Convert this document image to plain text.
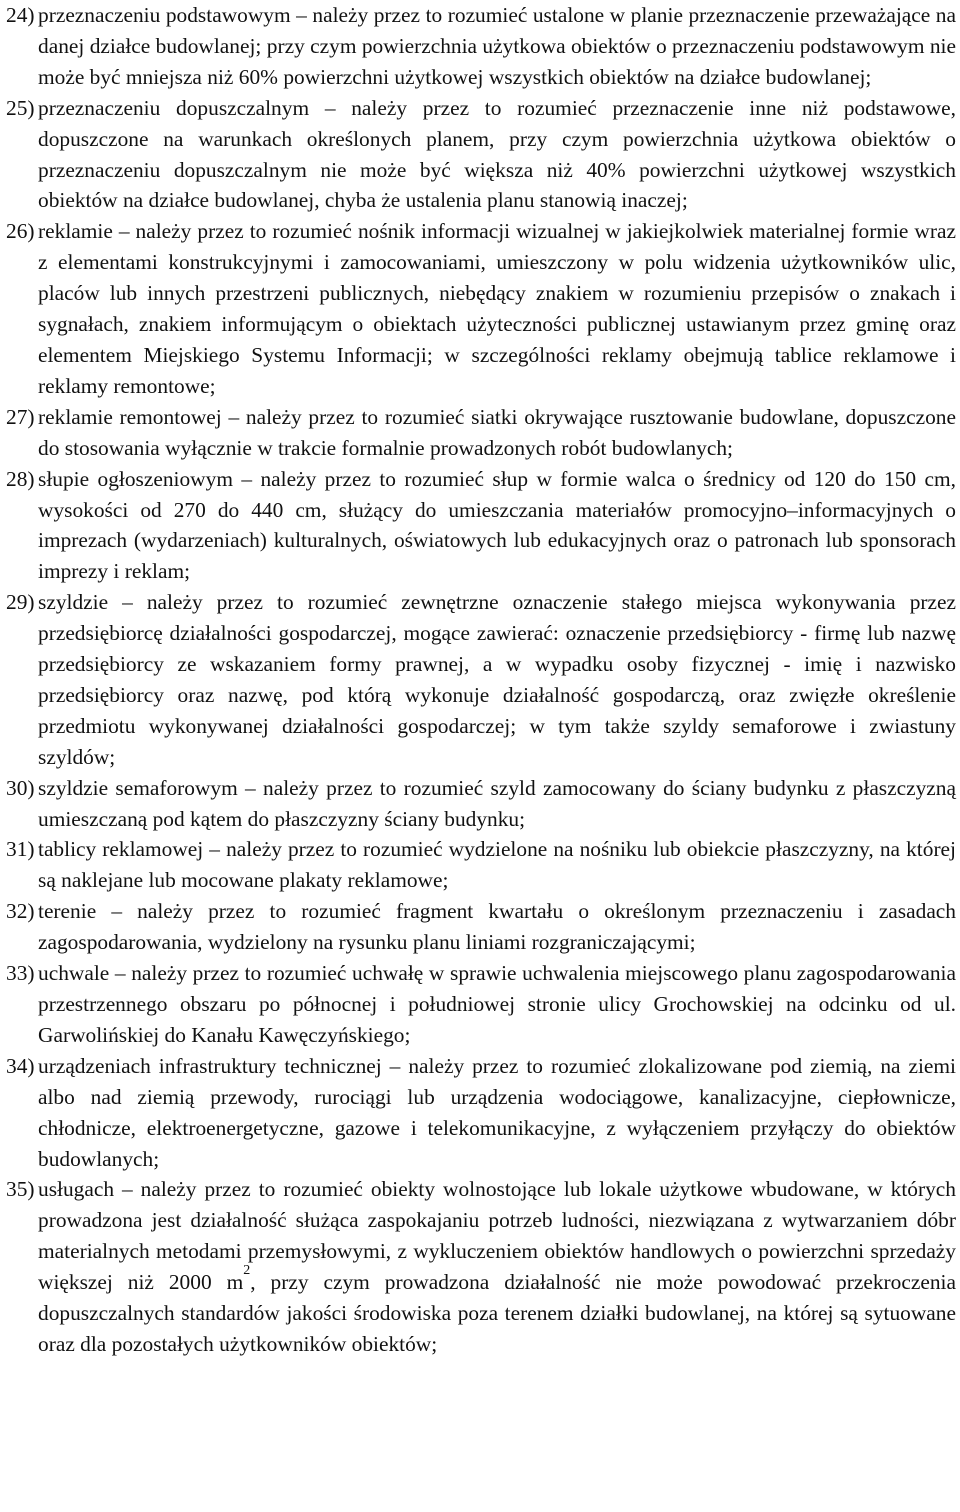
24) przeznaczeniu podstawowym – należy przez to rozumieć ustalone w planie przeznaczenie przeważające na danej działce budowlanej; przy czym powierzchnia użytkowa obiektów o przeznaczeniu podstawowym nie może być mniejsza niż 60% powierzchni użytkowej wszystkich obiektów na działce budowlanej;
25) przeznaczeniu dopuszczalnym – należy przez to rozumieć przeznaczenie inne niż podstawowe, dopuszczone na warunkach określonych planem, przy czym powierzchnia użytkowa obiektów o przeznaczeniu dopuszczalnym nie może być większa niż 40% powierzchni użytkowej wszystkich obiektów na działce budowlanej, chyba że ustalenia planu stanowią inaczej;
26) reklamie – należy przez to rozumieć nośnik informacji wizualnej w jakiejkolwiek materialnej formie wraz z elementami konstrukcyjnymi i zamocowaniami, umieszczony w polu widzenia użytkowników ulic, placów lub innych przestrzeni publicznych, niebędący znakiem w rozumieniu przepisów o znakach i sygnałach, znakiem informującym o obiektach użyteczności publicznej ustawianym przez gminę oraz elementem Miejskiego Systemu Informacji; w szczególności reklamy obejmują tablice reklamowe i reklamy remontowe;
27) reklamie remontowej – należy przez to rozumieć siatki okrywające rusztowanie budowlane, dopuszczone do stosowania wyłącznie w trakcie formalnie prowadzonych robót budowlanych;
28) słupie ogłoszeniowym – należy przez to rozumieć słup w formie walca o średnicy od 120 do 150 cm, wysokości od 270 do 440 cm, służący do umieszczania materiałów promocyjno–informacyjnych o imprezach (wydarzeniach) kulturalnych, oświatowych lub edukacyjnych oraz o patronach lub sponsorach imprezy i reklam;
29) szyldzie – należy przez to rozumieć zewnętrzne oznaczenie stałego miejsca wykonywania przez przedsiębiorcę działalności gospodarczej, mogące zawierać: oznaczenie przedsiębiorcy - firmę lub nazwę przedsiębiorcy ze wskazaniem formy prawnej, a w wypadku osoby fizycznej - imię i nazwisko przedsiębiorcy oraz nazwę, pod którą wykonuje działalność gospodarczą, oraz zwięzłe określenie przedmiotu wykonywanej działalności gospodarczej; w tym także szyldy semaforowe i zwiastuny szyldów;
30) szyldzie semaforowym – należy przez to rozumieć szyld zamocowany do ściany budynku z płaszczyzną umieszczaną pod kątem do płaszczyzny ściany budynku;
31) tablicy reklamowej – należy przez to rozumieć wydzielone na nośniku lub obiekcie płaszczyzny, na której są naklejane lub mocowane plakaty reklamowe;
32) terenie – należy przez to rozumieć fragment kwartału o określonym przeznaczeniu i zasadach zagospodarowania, wydzielony na rysunku planu liniami rozgraniczającymi;
33) uchwale – należy przez to rozumieć uchwałę w sprawie uchwalenia miejscowego planu zagospodarowania przestrzennego obszaru po północnej i południowej stronie ulicy Grochowskiej na odcinku od ul. Garwolińskiej do Kanału Kawęczyńskiego;
34) urządzeniach infrastruktury technicznej – należy przez to rozumieć zlokalizowane pod ziemią, na ziemi albo nad ziemią przewody, rurociągi lub urządzenia wodociągowe, kanalizacyjne, ciepłownicze, chłodnicze, elektroenergetyczne, gazowe i telekomunikacyjne, z wyłączeniem przyłączy do obiektów budowlanych;
35) usługach – należy przez to rozumieć obiekty wolnostojące lub lokale użytkowe wbudowane, w których prowadzona jest działalność służąca zaspokajaniu potrzeb ludności, niezwiązana z wytwarzaniem dóbr materialnych metodami przemysłowymi, z wykluczeniem obiektów handlowych o powierzchni sprzedaży większej niż 2000 $m^2$, przy czym prowadzona działalność nie może powodować przekroczenia dopuszczalnych standardów jakości środowiska poza terenem działki budowlanej, na której są sytuowane oraz dla pozostałych użytkowników obiektów;
